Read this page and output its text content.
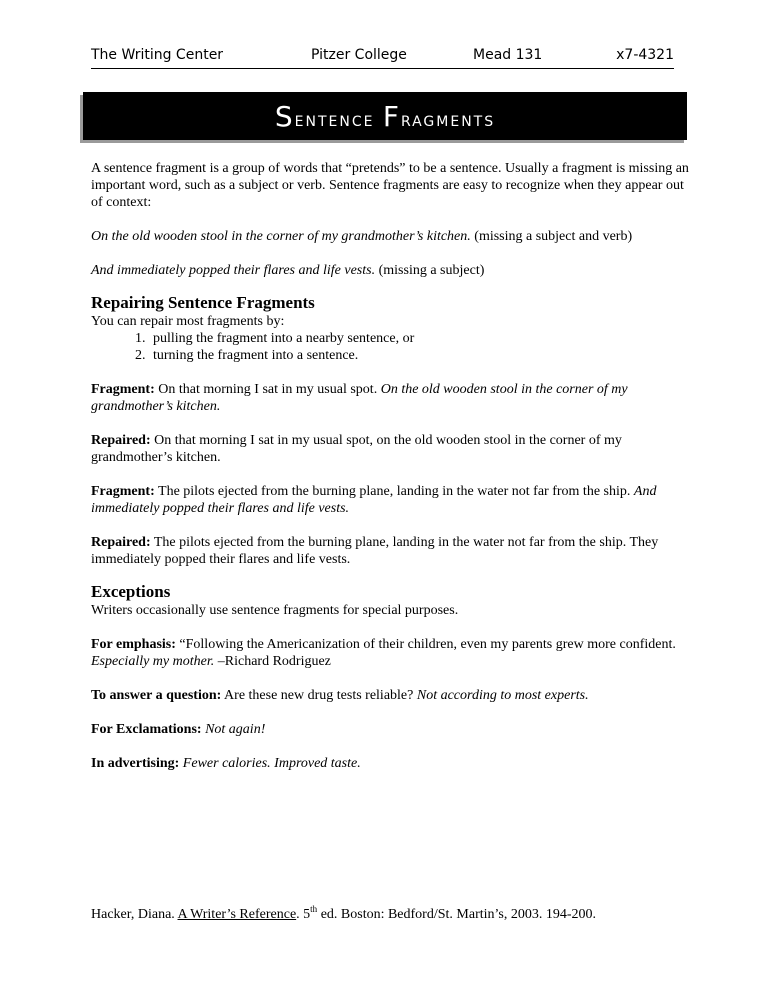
The Writing Center	Pitzer College	Mead 131	x7-4321
Sentence Fragments

A sentence fragment is a group of words that “pretends” to be a sentence. Usually a fragment is missing an important word, such as a subject or verb. Sentence fragments are easy to recognize when they appear out of context:

On the old wooden stool in the corner of my grandmother’s kitchen. (missing a subject and verb)

And immediately popped their flares and life vests. (missing a subject)

Repairing Sentence Fragments

You can repair most fragments by:

1. pulling the fragment into a nearby sentence, or
2. turning the fragment into a sentence.

Fragment: On that morning I sat in my usual spot. On the old wooden stool in the corner of my grandmother’s kitchen.

Repaired: On that morning I sat in my usual spot, on the old wooden stool in the corner of my grandmother’s kitchen.

Fragment: The pilots ejected from the burning plane, landing in the water not far from the ship. And immediately popped their flares and life vests.

Repaired: The pilots ejected from the burning plane, landing in the water not far from the ship. They immediately popped their flares and life vests.

Exceptions

Writers occasionally use sentence fragments for special purposes.

For emphasis: “Following the Americanization of their children, even my parents grew more confident. Especially my mother. –Richard Rodriguez

To answer a question: Are these new drug tests reliable? Not according to most experts.

For Exclamations: Not again!

In advertising: Fewer calories. Improved taste.

Hacker, Diana. A Writer’s Reference. 5th ed. Boston: Bedford/St. Martin’s, 2003. 194-200.
